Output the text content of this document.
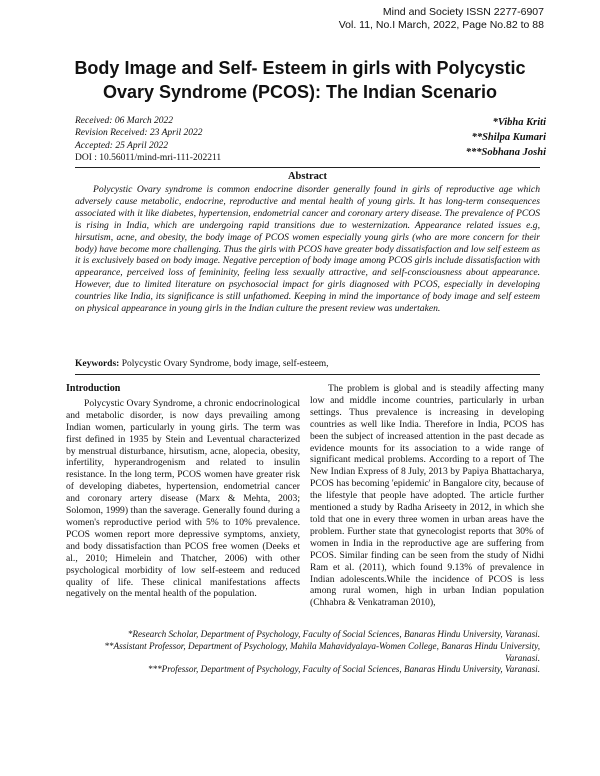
Mind and Society ISSN 2277-6907
Vol. 11, No.I March, 2022, Page No.82 to 88
Body Image and Self- Esteem in girls with Polycystic Ovary Syndrome (PCOS): The Indian Scenario
Received: 06 March 2022
Revision Received: 23 April 2022
Accepted: 25 April 2022
DOI : 10.56011/mind-mri-111-202211
*Vibha Kriti
**Shilpa Kumari
***Sobhana Joshi
Abstract

Polycystic Ovary syndrome is common endocrine disorder generally found in girls of reproductive age which adversely cause metabolic, endocrine, reproductive and mental health of young girls. It has long-term consequences associated with it like diabetes, hypertension, endometrial cancer and coronary artery disease. The prevalence of PCOS is rising in India, which are undergoing rapid transitions due to westernization. Appearance related issues e.g, hirsutism, acne, and obesity, the body image of PCOS women especially young girls (who are more concern for their body) have become more challenging. Thus the girls with PCOS have greater body dissatisfaction and low self esteem as it is exclusively based on body image. Negative perception of body image among PCOS girls include dissatisfaction with appearance, perceived loss of femininity, feeling less sexually attractive, and self-consciousness about appearance. However, due to limited literature on psychosocial impact for girls diagnosed with PCOS, especially in developing countries like India, its significance is still unfathomed. Keeping in mind the importance of body image and self esteem on physical appearance in young girls in the Indian culture the present review was undertaken.

Keywords: Polycystic Ovary Syndrome, body image, self-esteem,

Introduction

Polycystic Ovary Syndrome, a chronic endocrinological and metabolic disorder, is now days prevailing among Indian women, particularly in young girls. The term was first defined in 1935 by Stein and Leventual characterized by menstrual disturbance, hirsutism, acne, alopecia, obesity, infertility, hyperandrogenism and related to insulin resistance. In the long term, PCOS women have greater risk of developing diabetes, hypertension, endometrial cancer and coronary artery disease (Marx & Mehta, 2003; Solomon, 1999) than the saverage. Generally found during a women's reproductive period with 5% to 10% prevalence. PCOS women report more depressive symptoms, anxiety, and body dissatisfaction than PCOS free women (Deeks et al., 2010; Himelein and Thatcher, 2006) with other psychological morbidity of low self-esteem and reduced quality of life. These clinical manifestations affects negatively on the mental health of the population.

The problem is global and is steadily affecting many low and middle income countries, particularly in urban settings. Thus prevalence is increasing in developing countries as well like India. Therefore in India, PCOS has been the subject of increased attention in the past decade as evidence mounts for its association to a wide range of significant medical problems. According to a report of The New Indian Express of 8 July, 2013 by Papiya Bhattacharya, PCOS has becoming 'epidemic' in Bangalore city, because of the lifestyle that people have adopted. The article further mentioned a study by Radha Ariseety in 2012, in which she told that one in every three women in urban areas have the problem. Further state that gynecologist reports that 30% of women in India in the reproductive age are suffering from PCOS. Similar finding can be seen from the study of Nidhi Ram et al. (2011), which found 9.13% of prevalence in Indian adolescents.While the incidence of PCOS is less among rural women, high in urban Indian population (Chhabra & Venkatraman 2010),

*Research Scholar, Department of Psychology, Faculty of Social Sciences, Banaras Hindu University, Varanasi.
**Assistant Professor, Department of Psychology, Mahila Mahavidyalaya-Women College, Banaras Hindu University, Varanasi.
***Professor, Department of Psychology, Faculty of Social Sciences, Banaras Hindu University, Varanasi.
